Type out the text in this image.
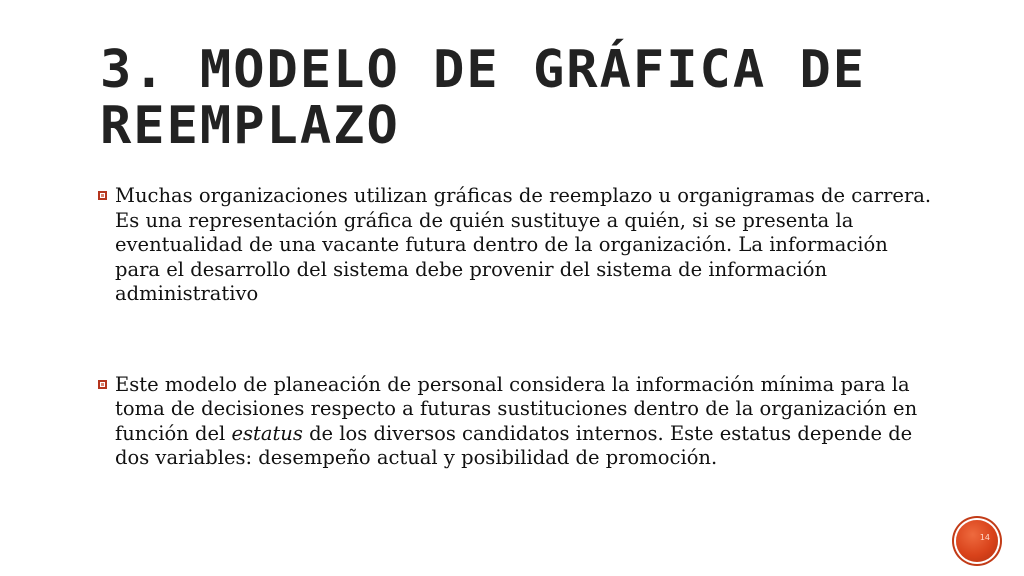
3. MODELO DE GRÁFICA DE REEMPLAZO
Muchas organizaciones utilizan gráficas de reemplazo u organigramas de carrera. Es una representación gráfica de quién sustituye a quién, si se presenta la eventualidad de una vacante futura dentro de la organización. La información para el desarrollo del sistema debe provenir del sistema de información administrativo
Este modelo de planeación de personal considera la información mínima para la toma de decisiones respecto a futuras sustituciones dentro de la organización en función del estatus de los diversos candidatos internos. Este estatus depende de dos variables: desempeño actual y posibilidad de promoción.
14
